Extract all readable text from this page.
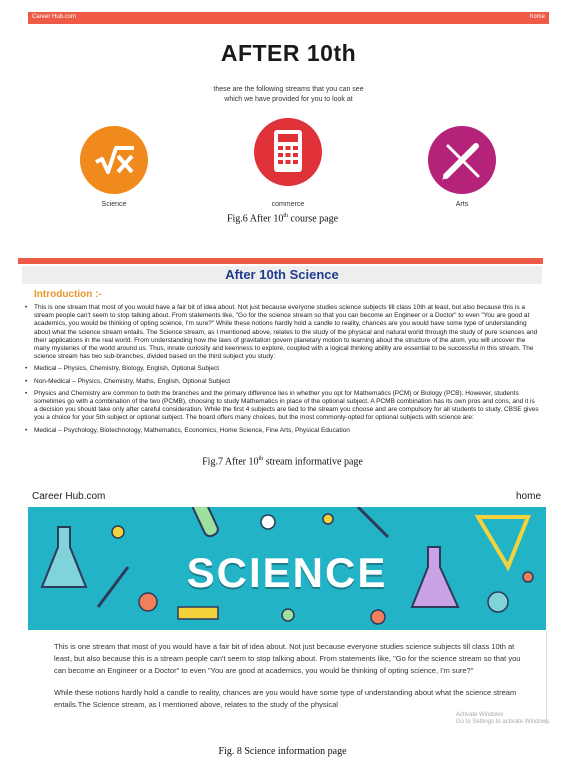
Career Hub.com	home
AFTER 10th
these are the following streams that you can see
which we have provided for you to look at
Science	commerce	Arts
Fig.6 After 10th course page
After 10th Science
Introduction :-
• This is one stream that most of you would have a fair bit of idea about. Not just because everyone studies science subjects till class 10th at least, but also because this is a stream people can't seem to stop talking about. From statements like, "Go for the science stream so that you can become an Engineer or a Doctor" to even "You are good at academics, you would be thinking of opting science, I'm sure?" While these notions hardly hold a candle to reality, chances are you would have some type of understanding about what the science stream entails. The Science stream, as I mentioned above, relates to the study of the physical and natural world through the study of pure sciences and their applications in the real world. From understanding how the laws of gravitation govern planetary motion to learning about the structure of the atom, you will uncover the many mysteries of the world around us. Thus, innate curiosity and keenness to explore, coupled with a logical thinking ability are essential to be successful in this stream. The science stream has two sub-branches, divided based on the third subject you study:
• Medical – Physics, Chemistry, Biology, English, Optional Subject
• Non-Medical – Physics, Chemistry, Maths, English, Optional Subject
• Physics and Chemistry are common to both the branches and the primary difference lies in whether you opt for Mathematics (PCM) or Biology (PCB). However, students sometimes go with a combination of the two (PCMB), choosing to study Mathematics in place of the optional subject. A PCMB combination has its own pros and cons, and it is a decision you should take only after careful consideration. While the first 4 subjects are tied to the stream you choose and are compulsory for all students to study, CBSE gives you a choice for your 5th subject or optional subject. The board offers many choices, but the most commonly-opted for optional subjects with science are:
• Medical – Psychology, Biotechnology, Mathematics, Economics, Home Science, Fine Arts, Physical Education
Fig.7 After 10th stream informative page
Career Hub.com	home
SCIENCE

This is one stream that most of you would have a fair bit of idea about. Not just because everyone studies science subjects till class 10th at least, but also because this is a stream people can't seem to stop talking about. From statements like, "Go for the science stream so that you can become an Engineer or a Doctor" to even "You are good at academics, you would be thinking of opting science, I'm sure?"

While these notions hardly hold a candle to reality, chances are you would have some type of understanding about what the science stream entails.The Science stream, as I mentioned above, relates to the study of the physical

Activate Windows
Go to Settings to activate Windows.
Fig. 8 Science information page
